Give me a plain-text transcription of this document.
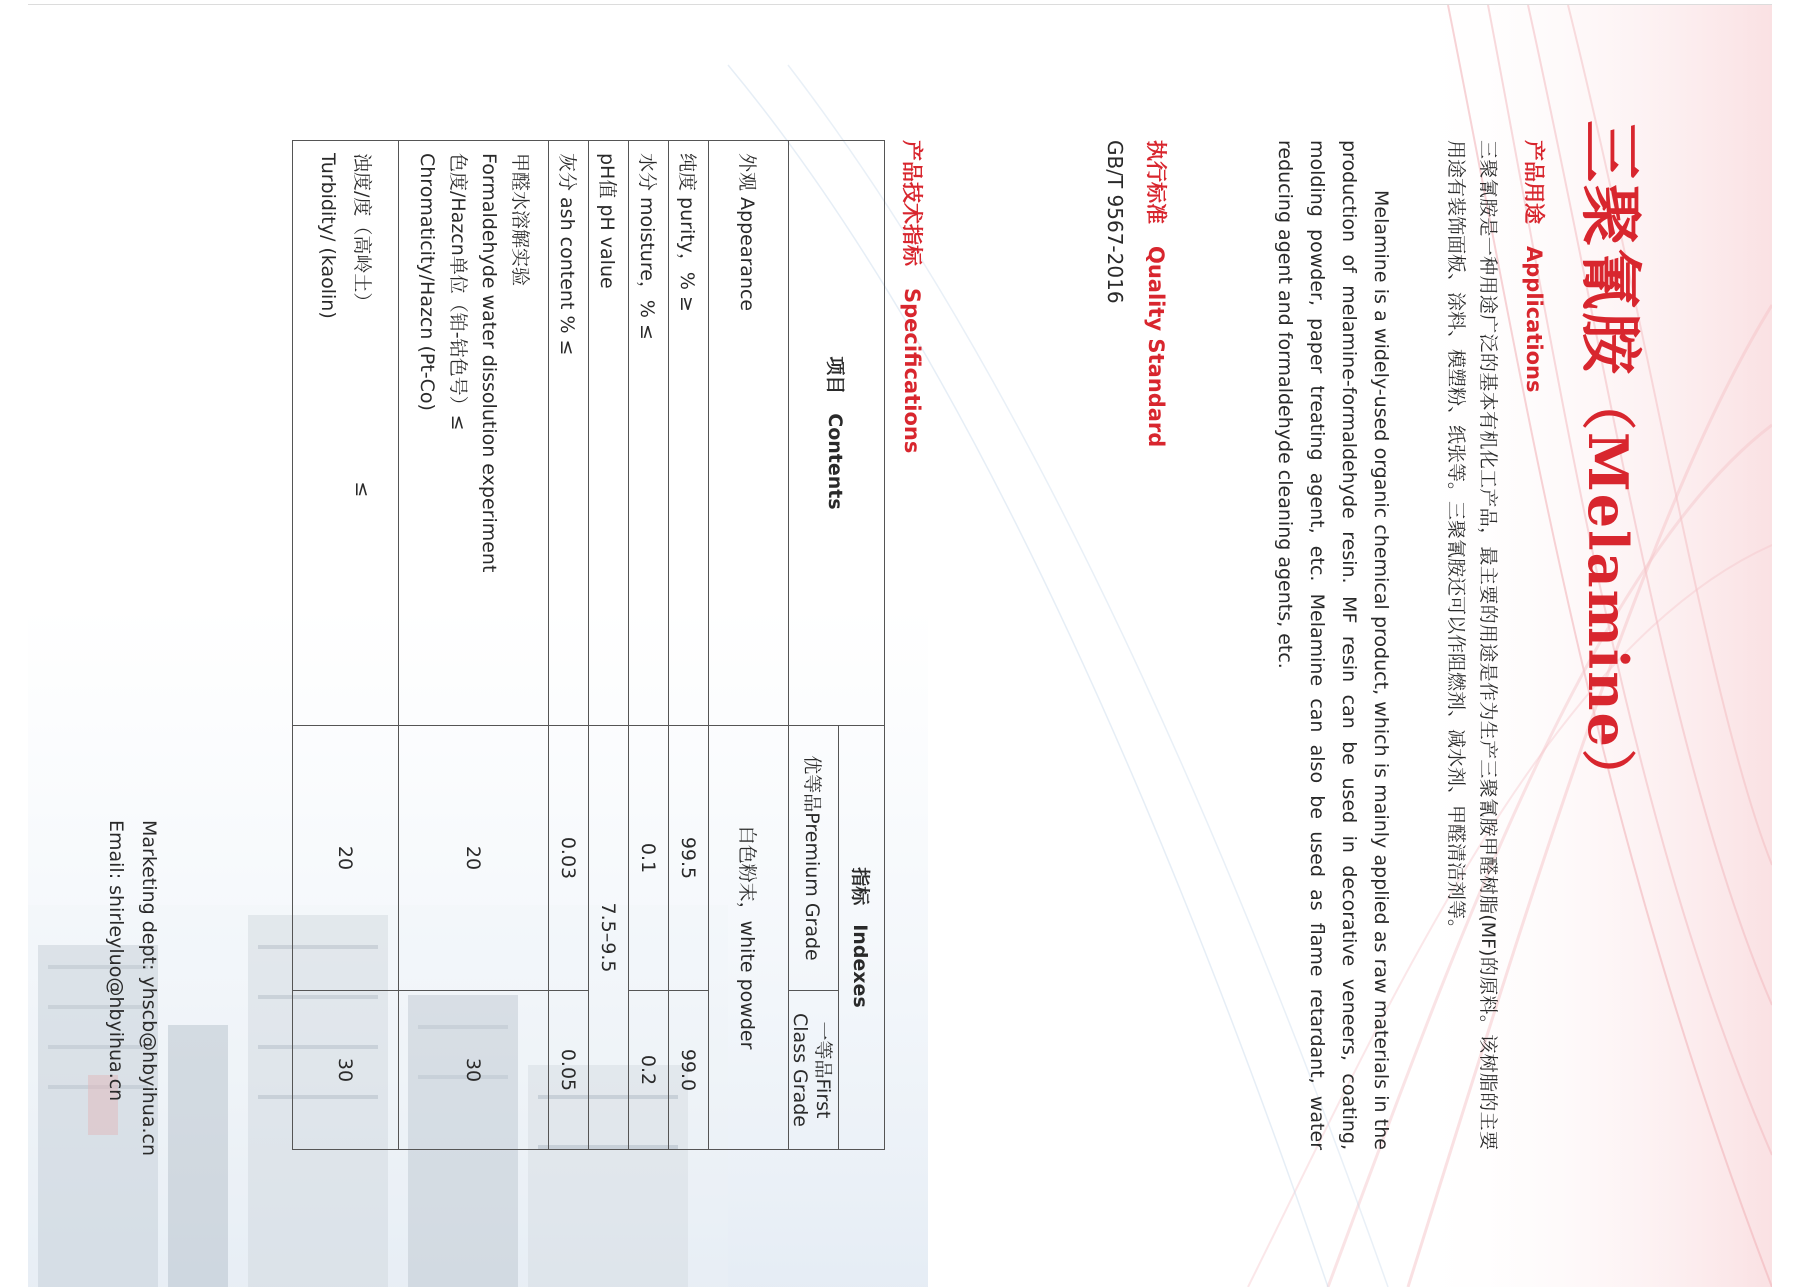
三聚氰胺（Melamine）
产品用途Applications
三聚氰胺是一种用途广泛的基本有机化工产品，最主要的用途是作为生产三聚氰胺甲醛树脂(MF)的原料。该树脂的主要用途有装饰面板、涂料、模塑粉、纸张等。三聚氰胺还可以作阻燃剂、减水剂、甲醛清洁剂等。
Melamine is a widely-used organic chemical product, which is mainly applied as raw materials in the production of melamine-formaldehyde resin. MF resin can be used in decorative veneers, coating, molding powder, paper treating agent, etc. Melamine can also be used as flame retardant, water reducing agent and formaldehyde cleaning agents, etc.
执行标准Quality Standard
GB/T 9567-2016
产品技术指标Specifications
项目　Contents	指标　Indexes	
	优等品Premium Grade	一等品First Class Grade
外观 Appearance	白色粉末，white powder	
纯度 purity，% ≥	99.5	99.0
水分 moisture，% ≤	0.1	0.2
pH值 pH value	7.5–9.5	
灰分 ash content % ≤	0.03	0.05

甲醛水溶解实验
Formaldehyde water dissolution experiment
色度/Hazcn单位（铂-钴色号）≤
Chromaticity/Hazcn (Pt-Co)	20	30

浊度/度（高岭土）≤
Turbidity/ (kaolin)	20	30
Marketing dept: yhscb@hbyihua.cn
Email: shirleyluo@hbyihua.cn
